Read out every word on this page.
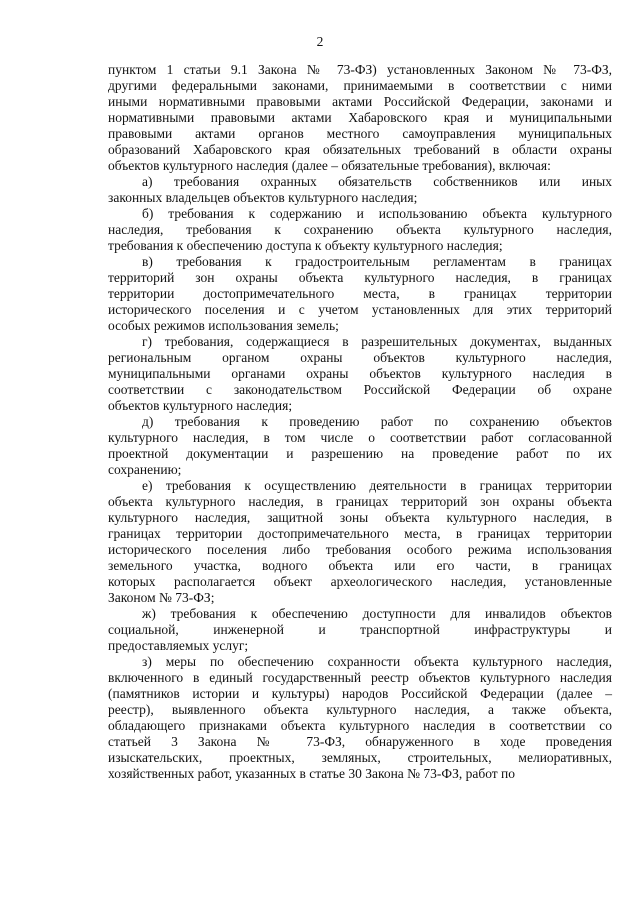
2
пунктом 1 статьи 9.1 Закона № 73-ФЗ) установленных Законом № 73-ФЗ,
другими федеральными законами, принимаемыми в соответствии с ними
иными нормативными правовыми актами Российской Федерации, законами и
нормативными правовыми актами Хабаровского края и муниципальными
правовыми актами органов местного самоуправления муниципальных
образований Хабаровского края обязательных требований в области охраны
объектов культурного наследия (далее – обязательные требования), включая:
а) требования охранных обязательств собственников или иных
законных владельцев объектов культурного наследия;
б) требования к содержанию и использованию объекта культурного
наследия, требования к сохранению объекта культурного наследия,
требования к обеспечению доступа к объекту культурного наследия;
в) требования к градостроительным регламентам в границах
территорий зон охраны объекта культурного наследия, в границах
территории достопримечательного места, в границах территории
исторического поселения и с учетом установленных для этих территорий
особых режимов использования земель;
г) требования, содержащиеся в разрешительных документах, выданных
региональным органом охраны объектов культурного наследия,
муниципальными органами охраны объектов культурного наследия в
соответствии с законодательством Российской Федерации об охране
объектов культурного наследия;
д) требования к проведению работ по сохранению объектов
культурного наследия, в том числе о соответствии работ согласованной
проектной документации и разрешению на проведение работ по их
сохранению;
е) требования к осуществлению деятельности в границах территории
объекта культурного наследия, в границах территорий зон охраны объекта
культурного наследия, защитной зоны объекта культурного наследия, в
границах территории достопримечательного места, в границах территории
исторического поселения либо требования особого режима использования
земельного участка, водного объекта или его части, в границах
которых располагается объект археологического наследия, установленные
Законом № 73-ФЗ;
ж) требования к обеспечению доступности для инвалидов объектов
социальной, инженерной и транспортной инфраструктуры и
предоставляемых услуг;
з) меры по обеспечению сохранности объекта культурного наследия,
включенного в единый государственный реестр объектов культурного наследия
(памятников истории и культуры) народов Российской Федерации (далее –
реестр), выявленного объекта культурного наследия, а также объекта,
обладающего признаками объекта культурного наследия в соответствии со
статьей 3 Закона № 73-ФЗ, обнаруженного в ходе проведения
изыскательских, проектных, земляных, строительных, мелиоративных,
хозяйственных работ, указанных в статье 30 Закона № 73-ФЗ, работ по
